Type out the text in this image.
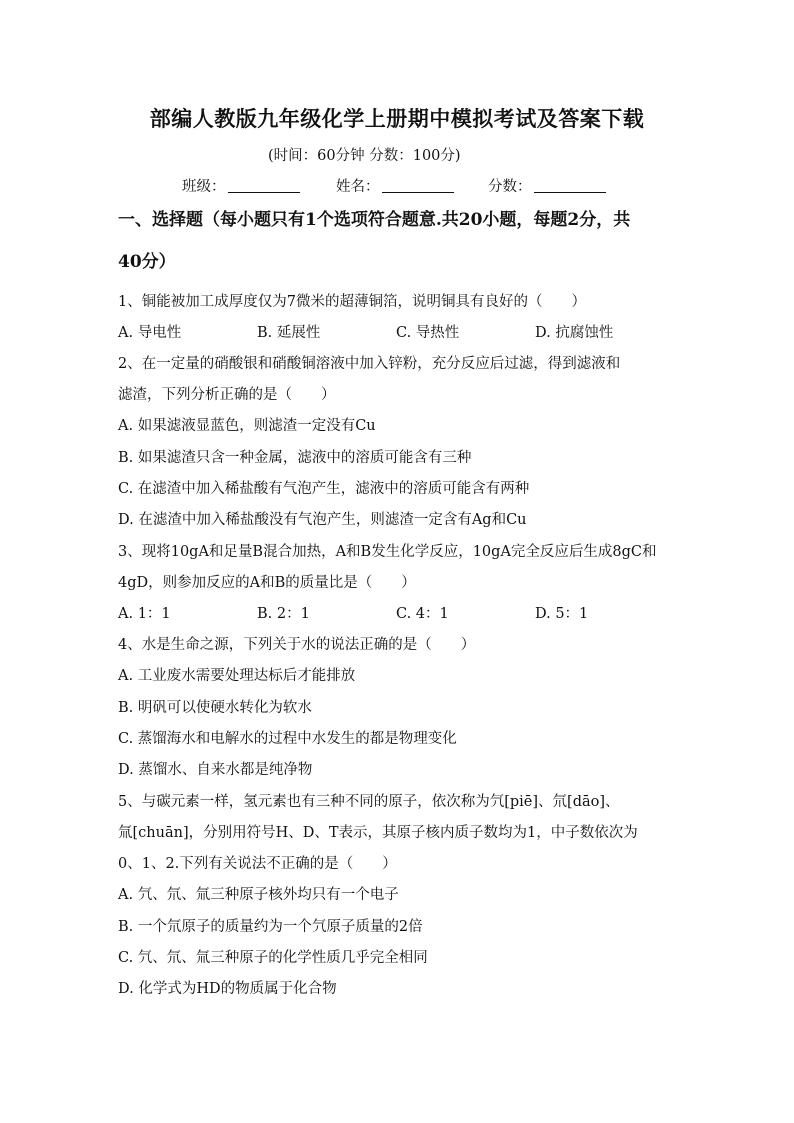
部编人教版九年级化学上册期中模拟考试及答案下载
(时间：60分钟 分数：100分)
班级：	姓名：	分数：
一、选择题（每小题只有1个选项符合题意.共20小题，每题2分，共
40分）
1、铜能被加工成厚度仅为7微米的超薄铜箔，说明铜具有良好的（　　）
A. 导电性	B. 延展性	C. 导热性	D. 抗腐蚀性
2、在一定量的硝酸银和硝酸铜溶液中加入锌粉，充分反应后过滤，得到滤液和
滤渣，下列分析正确的是（　　）
A. 如果滤液显蓝色，则滤渣一定没有Cu
B. 如果滤渣只含一种金属，滤液中的溶质可能含有三种
C. 在滤渣中加入稀盐酸有气泡产生，滤液中的溶质可能含有两种
D. 在滤渣中加入稀盐酸没有气泡产生，则滤渣一定含有Ag和Cu
3、现将10gA和足量B混合加热，A和B发生化学反应，10gA完全反应后生成8gC和
4gD，则参加反应的A和B的质量比是（　　）
A. 1：1	B. 2：1	C. 4：1	D. 5：1
4、水是生命之源，下列关于水的说法正确的是（　　）
A. 工业废水需要处理达标后才能排放
B. 明矾可以使硬水转化为软水
C. 蒸馏海水和电解水的过程中水发生的都是物理变化
D. 蒸馏水、自来水都是纯净物
5、与碳元素一样，氢元素也有三种不同的原子，依次称为氕[piē]、氘[dāo]、
氚[chuān]，分别用符号H、D、T表示，其原子核内质子数均为1，中子数依次为
0、1、2.下列有关说法不正确的是（　　）
A. 氕、氘、氚三种原子核外均只有一个电子
B. 一个氘原子的质量约为一个氕原子质量的2倍
C. 氕、氘、氚三种原子的化学性质几乎完全相同
D. 化学式为HD的物质属于化合物
